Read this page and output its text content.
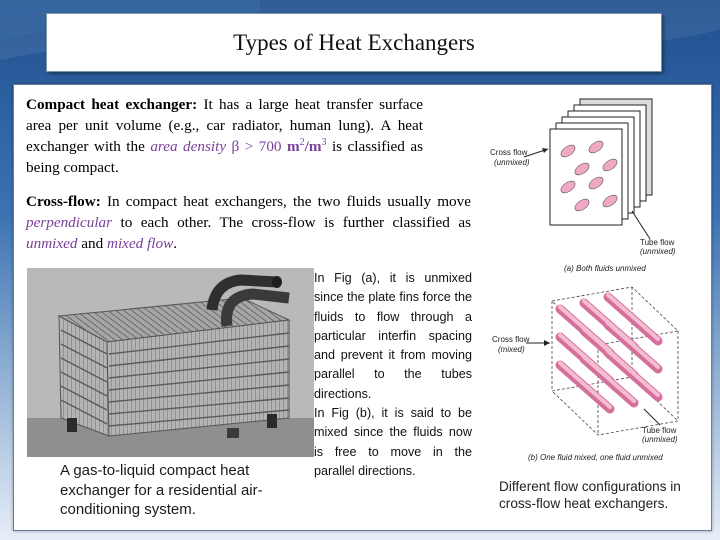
Types of Heat Exchangers
Compact heat exchanger: It has a large heat transfer surface area per unit volume (e.g., car radiator, human lung). A heat exchanger with the area density β > 700 $m^2/m^3$ is classified as being compact.
Cross-flow: In compact heat exchangers, the two fluids usually move perpendicular to each other. The cross-flow is further classified as unmixed and mixed flow.
A gas-to-liquid compact heat exchanger for a residential air-conditioning system.

In Fig (a), it is unmixed since the plate fins force the fluids to flow through a particular interfin spacing and prevent it from moving parallel to the tubes directions.

In Fig (b), it is said to be mixed since the fluids now is free to move in the parallel directions.

Cross flow
(unmixed)
Tube flow
(unmixed)
(a) Both fluids unmixed
Cross flow
(mixed)
Tube flow
(unmixed)
(b) One fluid mixed, one fluid unmixed
Different flow configurations in cross-flow heat exchangers.
